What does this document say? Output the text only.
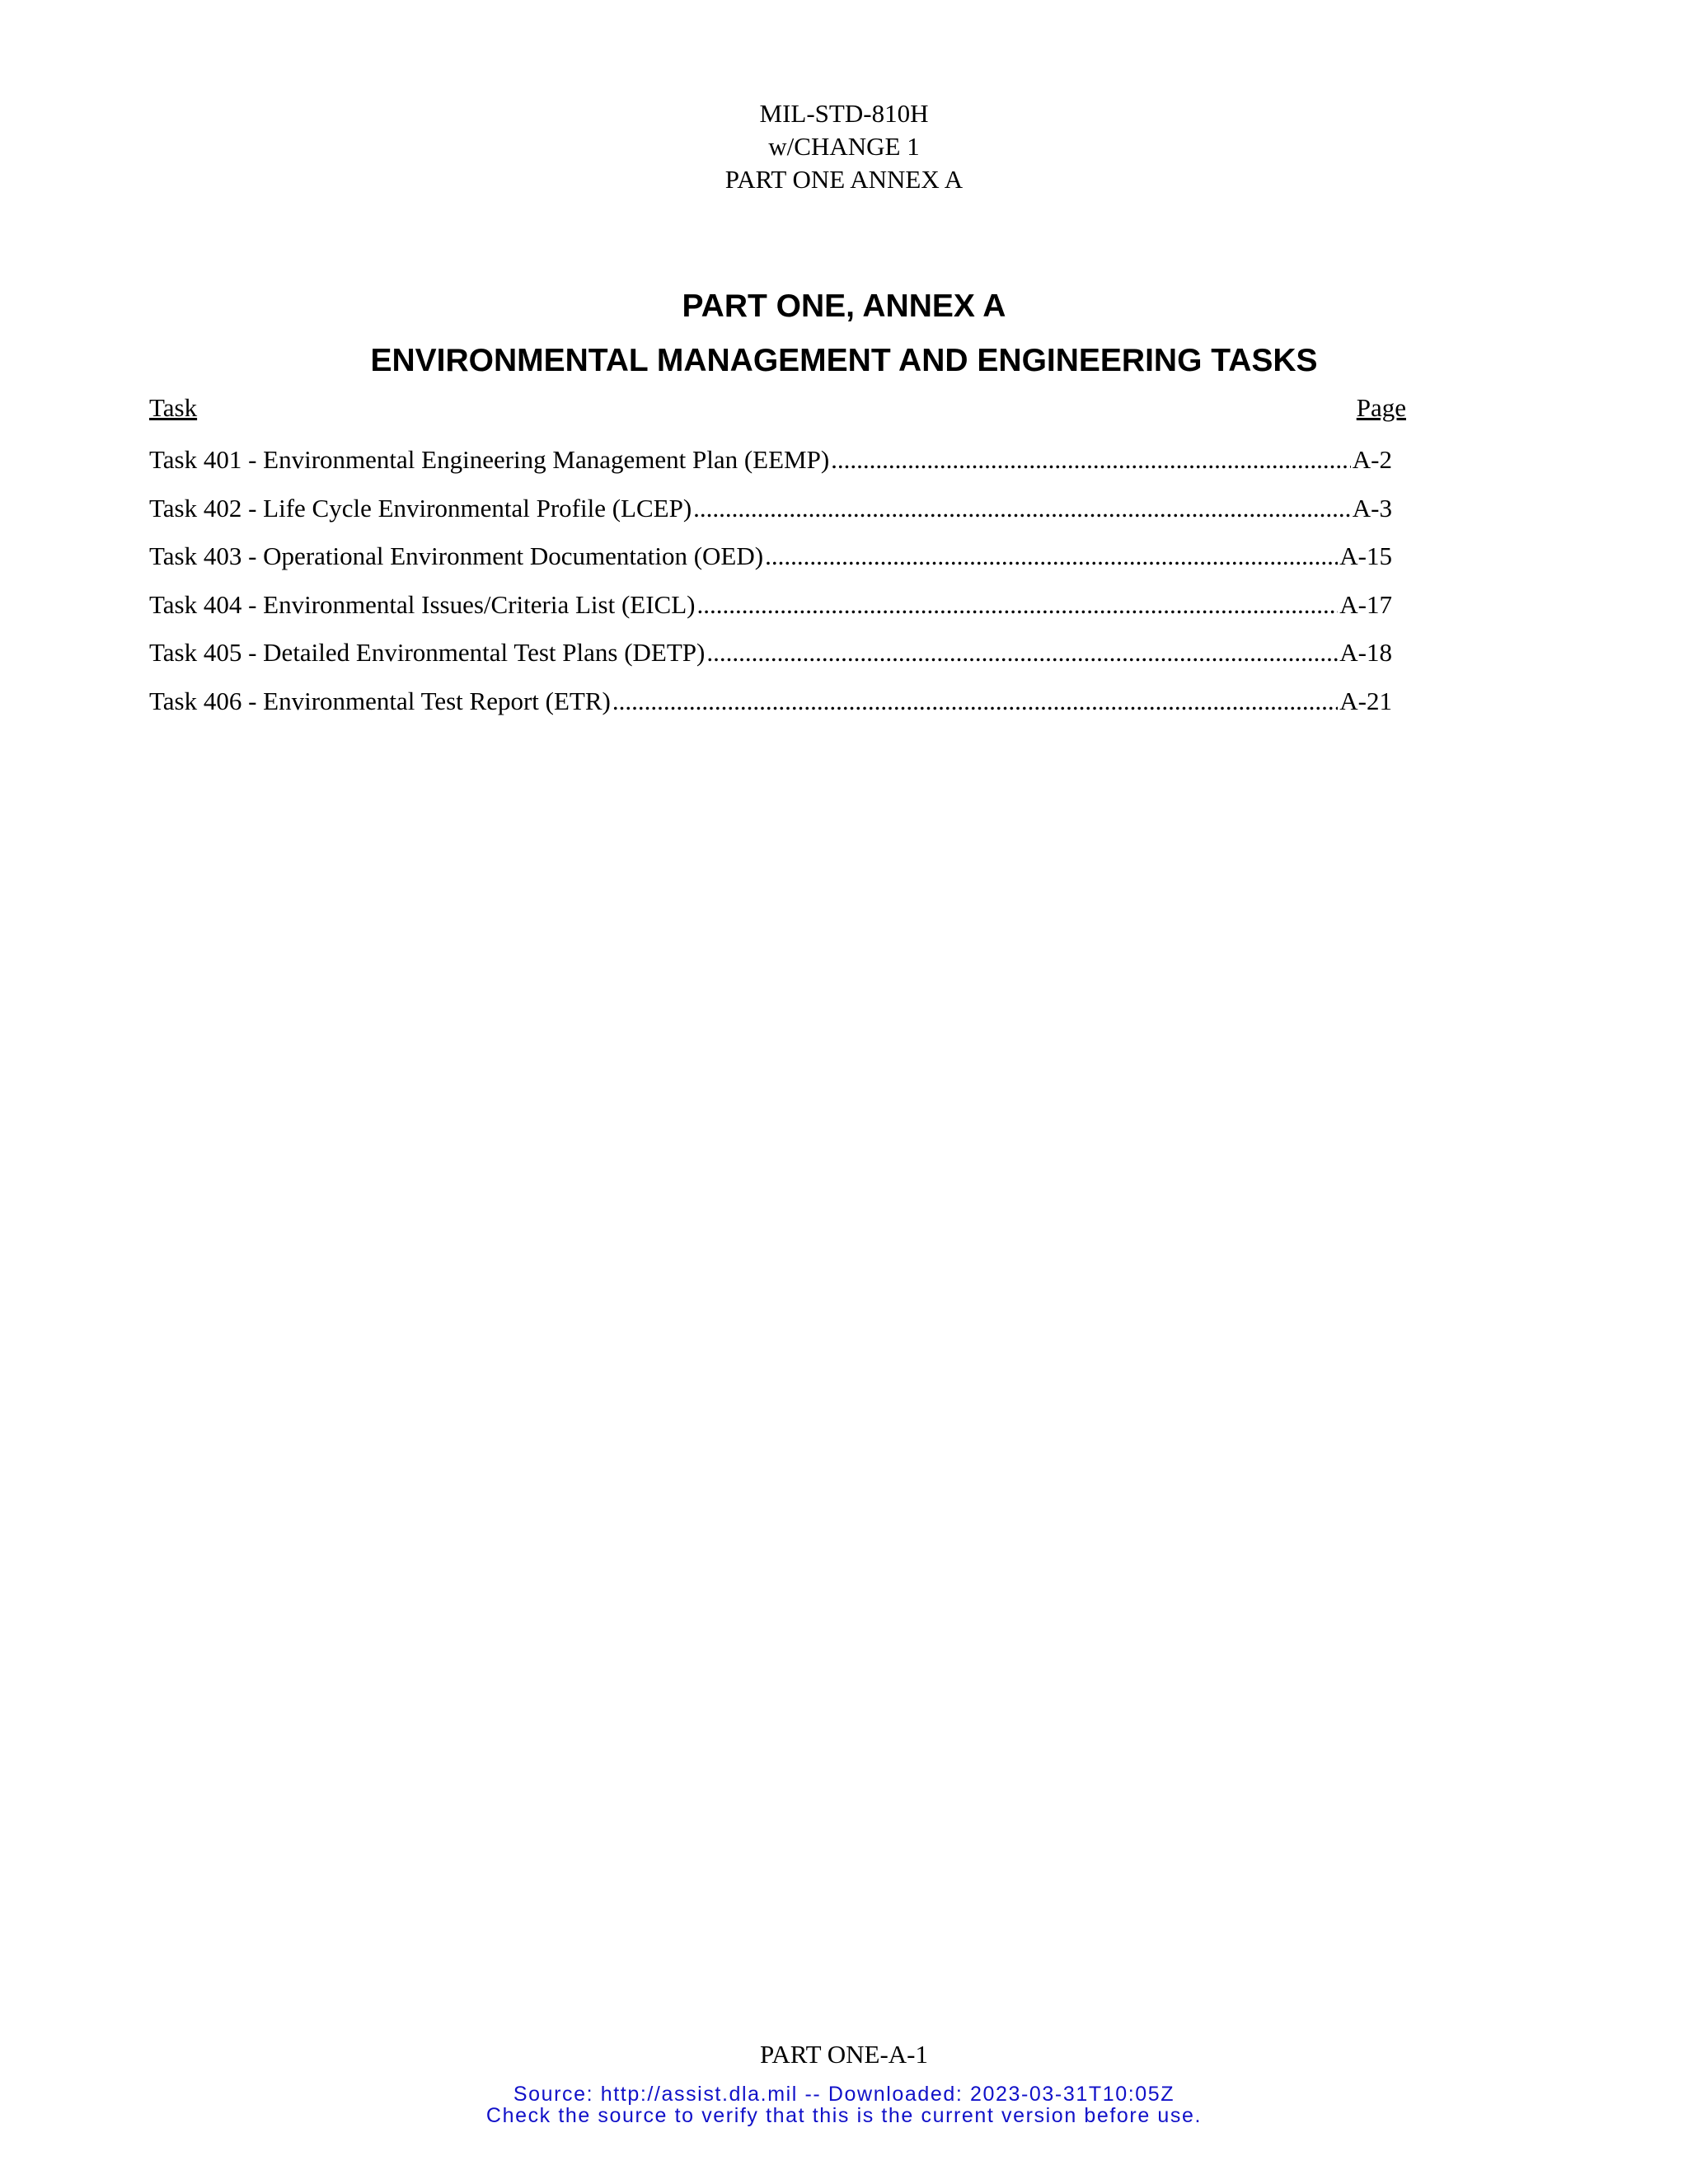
MIL-STD-810H
w/CHANGE 1
PART ONE ANNEX A
PART ONE, ANNEX A
ENVIRONMENTAL MANAGEMENT AND ENGINEERING TASKS
Task	Page
Task 401 - Environmental Engineering Management Plan (EEMP) .....	A-2
Task 402 - Life Cycle Environmental Profile (LCEP) .....	A-3
Task 403 - Operational Environment Documentation (OED) .....	A-15
Task 404 - Environmental Issues/Criteria List (EICL) .....	A-17
Task 405 - Detailed Environmental Test Plans (DETP) .....	A-18
Task 406 - Environmental Test Report (ETR) .....	A-21
PART ONE-A-1
Source: http://assist.dla.mil -- Downloaded: 2023-03-31T10:05Z
Check the source to verify that this is the current version before use.
